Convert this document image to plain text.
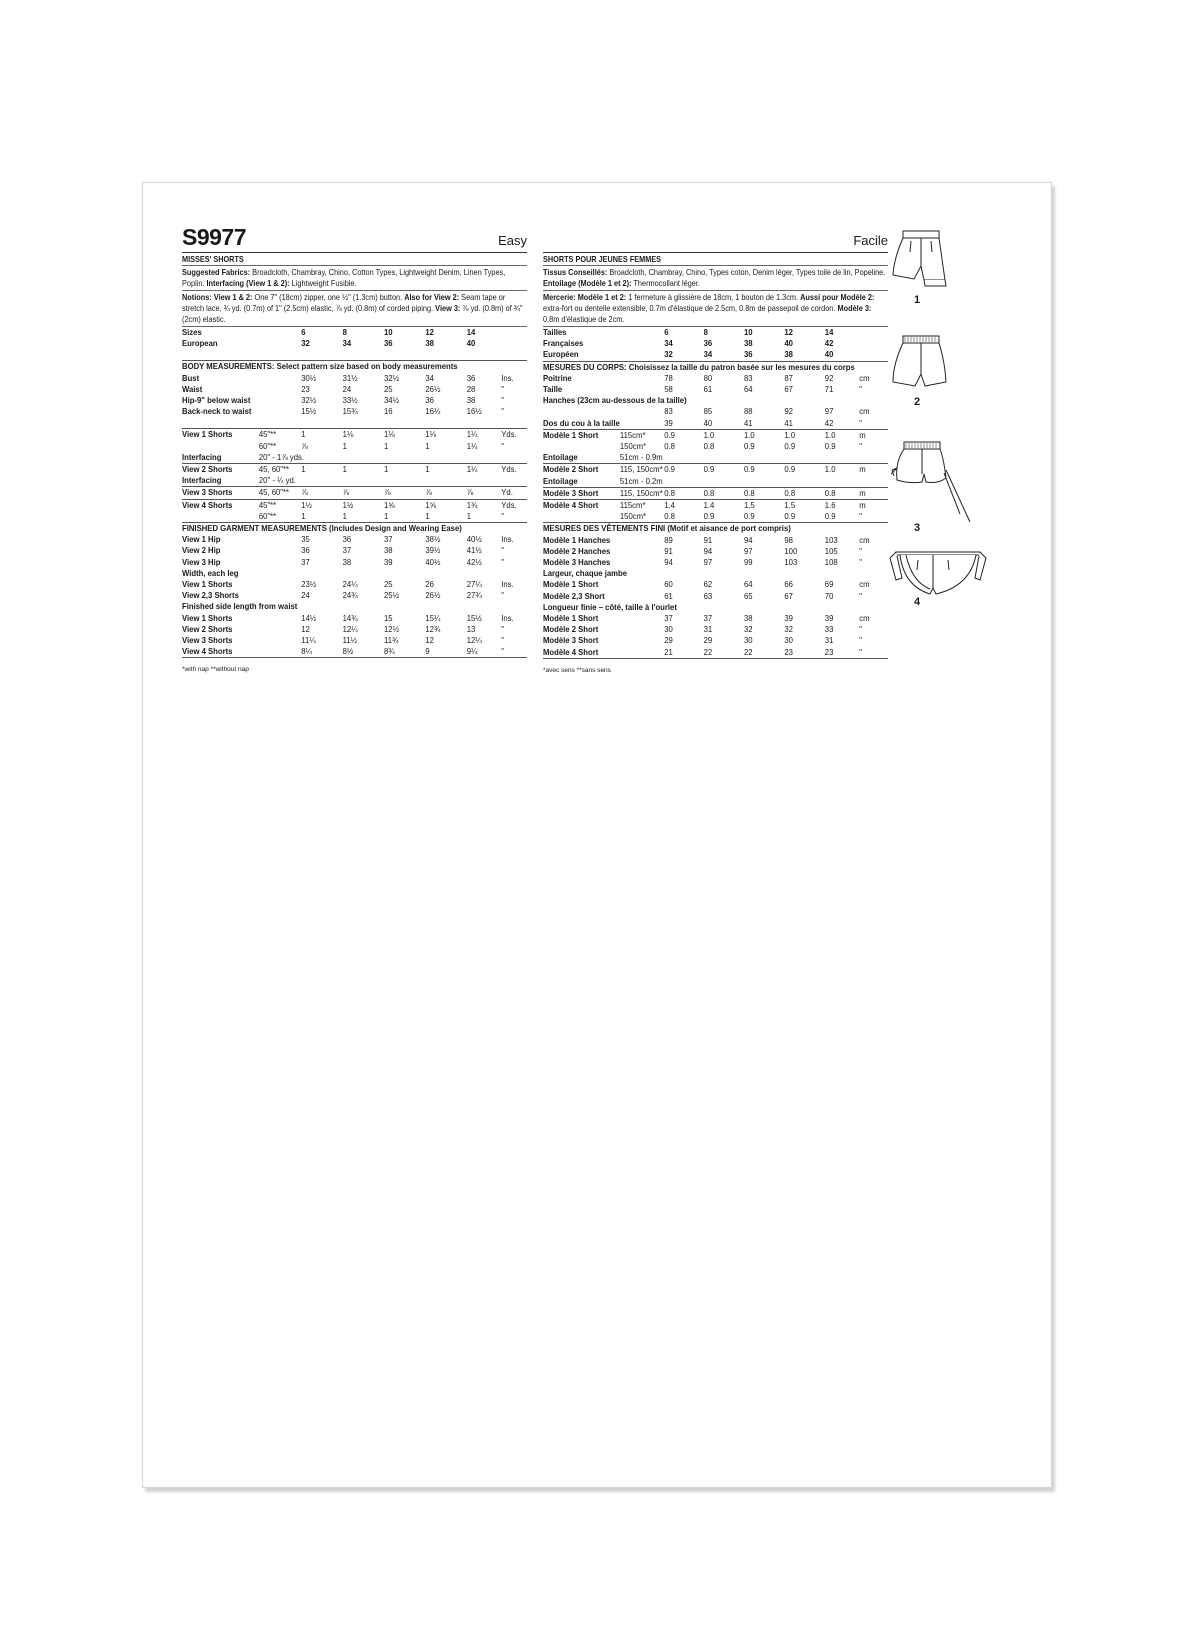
S9977	Easy
MISSES' SHORTS
Suggested Fabrics: Broadcloth, Chambray, Chino, Cotton Types, Lightweight Denim, Linen Types, Poplin. Interfacing (View 1 & 2): Lightweight Fusible.
Notions: View 1 & 2: One 7" (18cm) zipper, one ½" (1.3cm) button. Also for View 2: Seam tape or stretch lace, ¾ yd. (0.7m) of 1" (2.5cm) elastic, ⅞ yd. (0.8m) of corded piping. View 3: ⅞ yd. (0.8m) of ¾" (2cm) elastic.
Sizes		6	8	10	12	14	
European		32	34	36	38	40	

BODY MEASUREMENTS: Select pattern size based on body measurements							
Bust		30½	31½	32½	34	36	Ins.
Waist		23	24	25	26½	28	"
Hip-9" below waist		32½	33½	34½	36	38	"
Back-neck to waist		15½	15¾	16	16¼	16½	"

View 1 Shorts	45"**	1	1⅛	1⅛	1⅛	1¼	Yds.
	60"**	⅞	1	1	1	1¼	"
Interfacing	20" - 1⅞ yds.						
View 2 Shorts	45, 60"**	1	1	1	1	1¼	Yds.
Interfacing	20" - ¼ yd.						
View 3 Shorts	45, 60"**	⅞	⅞	⅞	⅞	⅞	Yd.
View 4 Shorts	45"**	1½	1½	1⅝	1⅝	1¾	Yds.
	60"**	1	1	1	1	1	"
FINISHED GARMENT MEASUREMENTS (Includes Design and Wearing Ease)							
View 1 Hip		35	36	37	38½	40½	Ins.
View 2 Hip		36	37	38	39½	41½	"
View 3 Hip		37	38	39	40½	42½	"
Width, each leg							
View 1 Shorts		23½	24¼	25	26	27¼	Ins.
View 2,3 Shorts		24	24¾	25½	26½	27¾	"
Finished side length from waist							
View 1 Shorts		14½	14¾	15	15¼	15½	Ins.
View 2 Shorts		12	12¼	12½	12¾	13	"
View 3 Shorts		11¼	11½	11¾	12	12¼	"
View 4 Shorts		8¼	8½	8¾	9	9¼	"

*with nap **without nap
Facile
SHORTS POUR JEUNES FEMMES
Tissus Conseillés: Broadcloth, Chambray, Chino, Types coton, Denim léger, Types toile de lin, Popeline. Entoilage (Modèle 1 et 2): Thermocollant léger.
Mercerie: Modèle 1 et 2: 1 fermeture à glissière de 18cm, 1 bouton de 1.3cm. Aussi pour Modèle 2: extra-fort ou dentelle extensible, 0.7m d'élastique de 2.5cm, 0.8m de passepoil de cordon. Modèle 3: 0.8m d'élastique de 2cm.
Tailles		6	8	10	12	14	
Françaises		34	36	38	40	42	
Européen		32	34	36	38	40	
MESURES DU CORPS: Choisissez la taille du patron basée sur les mesures du corps							
Poitrine		78	80	83	87	92	cm
Taille		58	61	64	67	71	"
Hanches (23cm au-dessous de la taille)							
		83	85	88	92	97	cm
Dos du cou à la taille		39	40	41	41	42	"
Modèle 1 Short	115cm*	0.9	1.0	1.0	1.0	1.0	m
	150cm*	0.8	0.8	0.9	0.9	0.9	"
Entoilage	51cm - 0.9m						
Modèle 2 Short	115, 150cm*	0.9	0.9	0.9	0.9	1.0	m
Entoilage	51cm - 0.2m						
Modèle 3 Short	115, 150cm*	0.8	0.8	0.8	0.8	0.8	m
Modèle 4 Short	115cm*	1.4	1.4	1.5	1.5	1.6	m
	150cm*	0.8	0.9	0.9	0.9	0.9	"
MESURES DES VÊTEMENTS FINI (Motif et aisance de port compris)							
Modèle 1 Hanches		89	91	94	98	103	cm
Modèle 2 Hanches		91	94	97	100	105	"
Modèle 3 Hanches		94	97	99	103	108	"
Largeur, chaque jambe							
Modèle 1 Short		60	62	64	66	69	cm
Modèle 2,3 Short		61	63	65	67	70	"
Longueur finie – côté, taille à l'ourlet							
Modèle 1 Short		37	37	38	39	39	cm
Modèle 2 Short		30	31	32	32	33	"
Modèle 3 Short		29	29	30	30	31	"
Modèle 4 Short		21	22	22	23	23	"

*avec sens **sans sens
1
2
3
4
